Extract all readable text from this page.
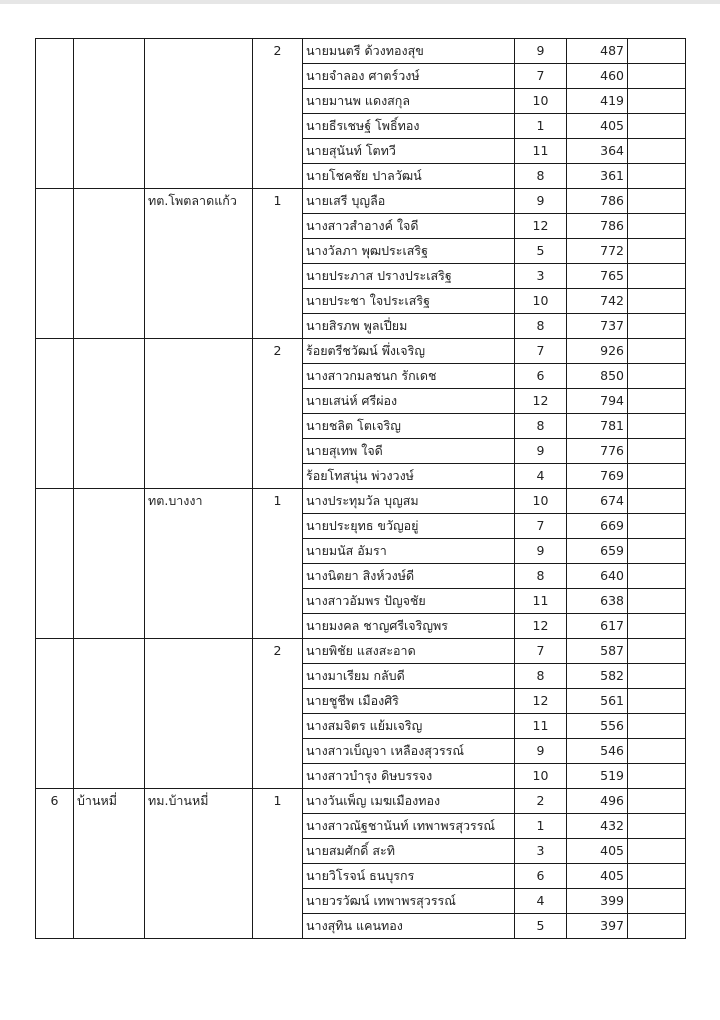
			2	นายมนตรี ด้วงทองสุข	9	487	
				นายจำลอง ศาตร์วงษ์	7	460	
				นายมานพ แดงสกุล	10	419	
				นายธีรเชษฐ์ โพธิ์ทอง	1	405	
				นายสุนันท์ โตทวี	11	364	
				นายโชคชัย ปาลวัฒน์	8	361	
		ทต.โพตลาดแก้ว	1	นายเสรี บุญลือ	9	786	
				นางสาวสำอางค์ ใจดี	12	786	
				นางวัลภา พุฒประเสริฐ	5	772	
				นายประภาส ปรางประเสริฐ	3	765	
				นายประชา ใจประเสริฐ	10	742	
				นายสิรภพ พูลเปี่ยม	8	737	
			2	ร้อยตรีชวัฒน์ พึ่งเจริญ	7	926	
				นางสาวกมลชนก รักเดช	6	850	
				นายเสน่ห์ ศรีผ่อง	12	794	
				นายชลิต โตเจริญ	8	781	
				นายสุเทพ ใจดี	9	776	
				ร้อยโทสนุ่น พ่วงวงษ์	4	769	
		ทต.บางงา	1	นางประทุมวัล บุญสม	10	674	
				นายประยุทธ ขวัญอยู่	7	669	
				นายมนัส อัมรา	9	659	
				นางนิตยา สิงห์วงษ์ดี	8	640	
				นางสาวอัมพร ปัญจชัย	11	638	
				นายมงคล ชาญศรีเจริญพร	12	617	
			2	นายพิชัย แสงสะอาด	7	587	
				นางมาเรียม กลับดี	8	582	
				นายชูชีพ เมืองศิริ	12	561	
				นางสมจิตร แย้มเจริญ	11	556	
				นางสาวเบ็ญจา เหลืองสุวรรณ์	9	546	
				นางสาวบำรุง ดิษบรรจง	10	519	
6	บ้านหมี่	ทม.บ้านหมี่	1	นางวันเพ็ญ เมฆเมืองทอง	2	496	
				นางสาวณัฐชานันท์ เทพาพรสุวรรณ์	1	432	
				นายสมศักดิ์ สะทิ	3	405	
				นายวิโรจน์ ธนบุรกร	6	405	
				นายวรวัฒน์ เทพาพรสุวรรณ์	4	399	
				นางสุทิน แคนทอง	5	397	
